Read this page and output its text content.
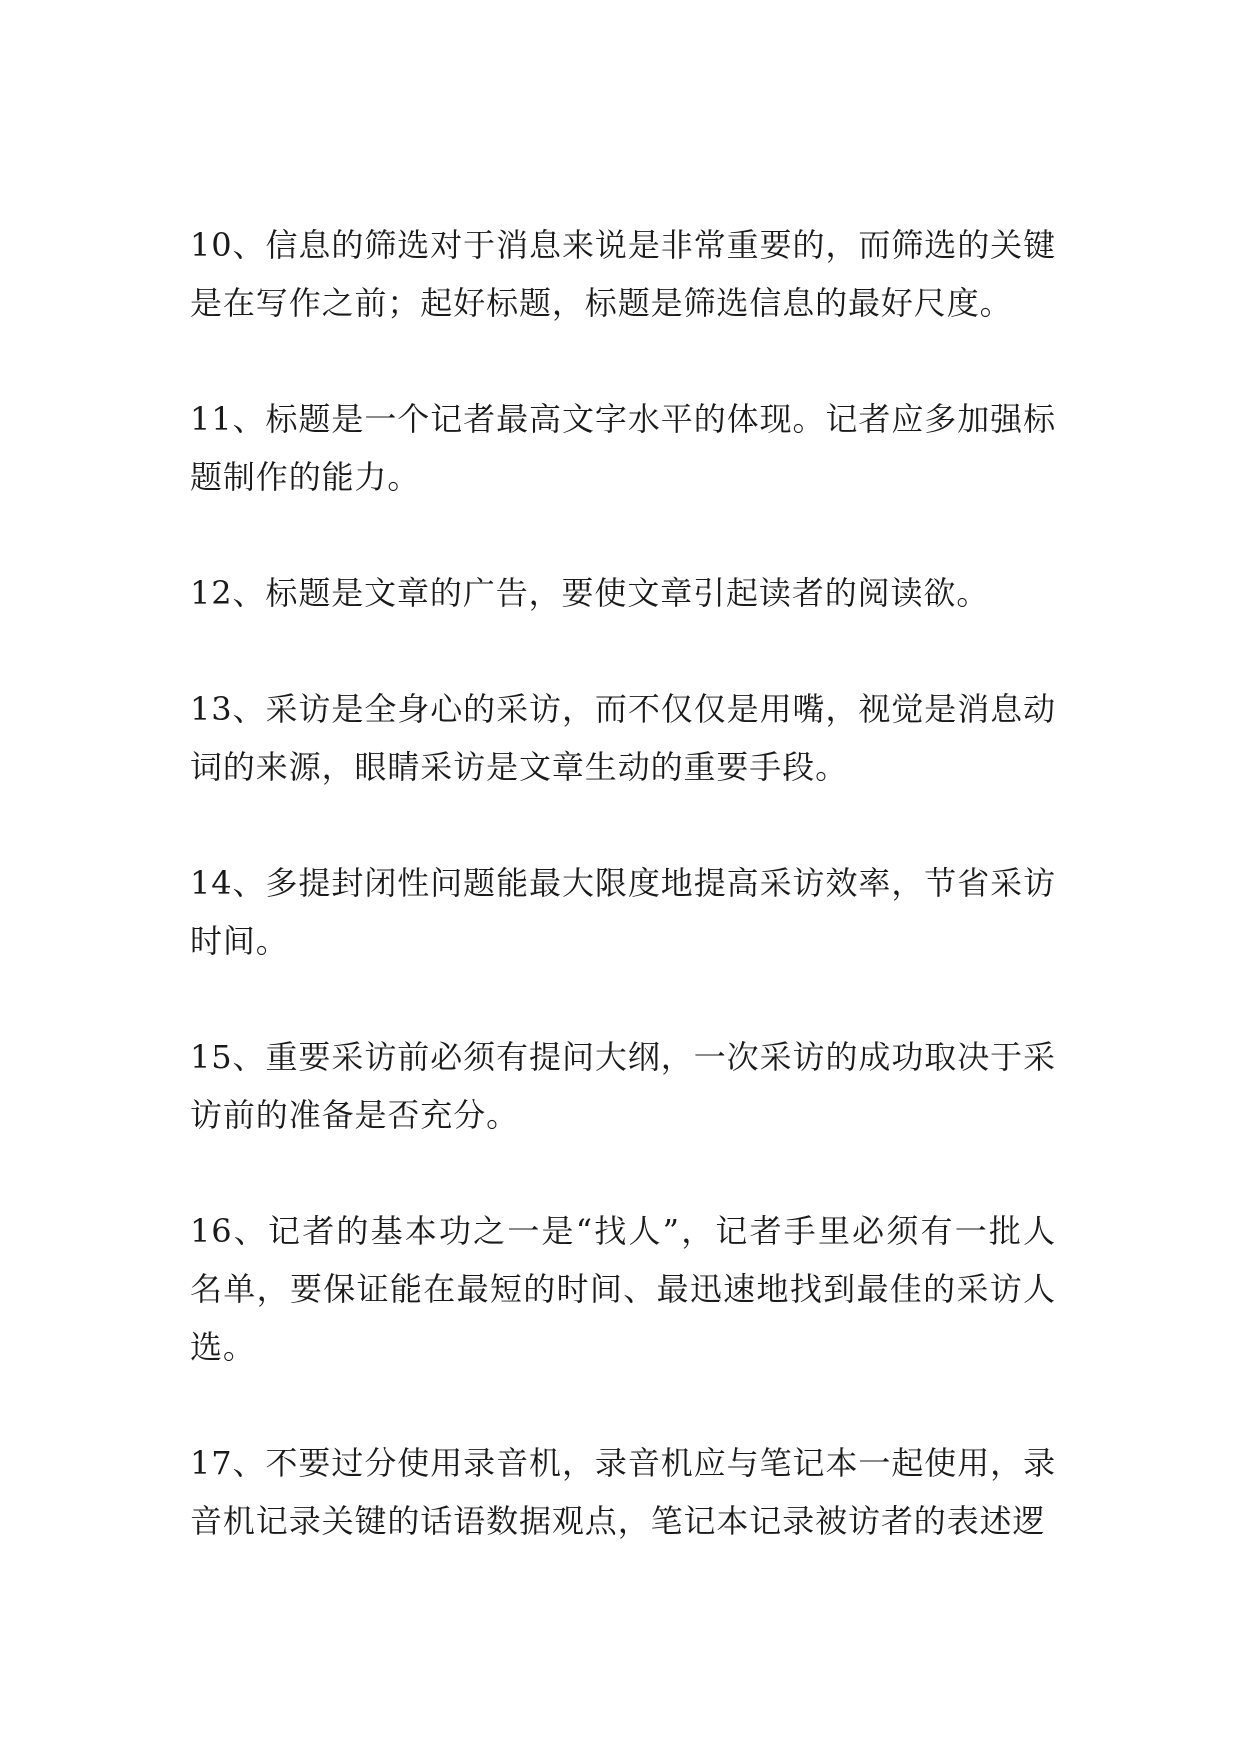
10、信息的筛选对于消息来说是非常重要的，而筛选的关键是在写作之前；起好标题，标题是筛选信息的最好尺度。

11、标题是一个记者最高文字水平的体现。记者应多加强标题制作的能力。

12、标题是文章的广告，要使文章引起读者的阅读欲。

13、采访是全身心的采访，而不仅仅是用嘴，视觉是消息动词的来源，眼睛采访是文章生动的重要手段。

14、多提封闭性问题能最大限度地提高采访效率，节省采访时间。

15、重要采访前必须有提问大纲，一次采访的成功取决于采访前的准备是否充分。

16、记者的基本功之一是“找人”，记者手里必须有一批人名单，要保证能在最短的时间、最迅速地找到最佳的采访人选。

17、不要过分使用录音机，录音机应与笔记本一起使用，录音机记录关键的话语数据观点，笔记本记录被访者的表述逻
